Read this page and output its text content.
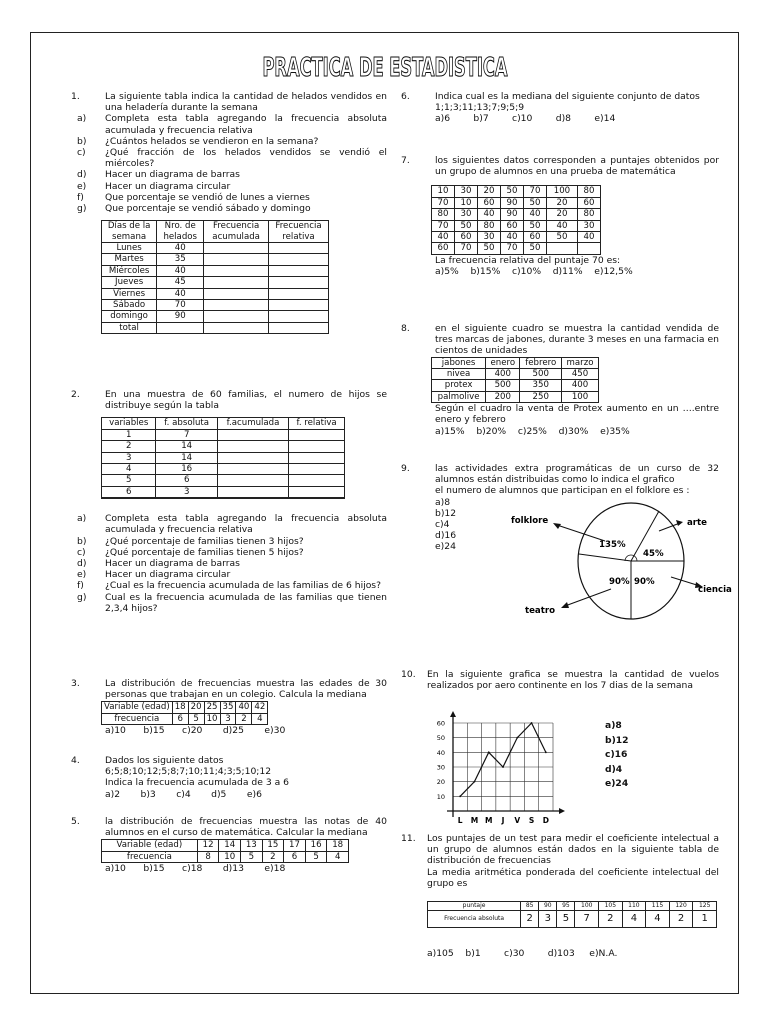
PRACTICA DE ESTADISTICA
1.	La siguiente tabla indica la cantidad de helados vendidos en una heladería durante la semana
a)	Completa esta tabla agregando la frecuencia absoluta acumulada y frecuencia relativa
b)	¿Cuántos helados se vendieron en la semana?
c)	¿Qué fracción de los helados vendidos se vendió el miércoles?
d)	Hacer un diagrama de barras
e)	Hacer un diagrama circular
f)	Que porcentaje se vendió de lunes a viernes
g)	Que porcentaje se vendió sábado y domingo
Días de la semana	Nro. de helados	Frecuencia acumulada	Frecuencia relativa
Lunes	40		
Martes	35		
Miércoles	40		
Jueves	45		
Viernes	40		
Sábado	70		
domingo	90		
total			
2.	En una muestra de 60 familias, el numero de hijos se distribuye según la tabla
variables	f. absoluta	f.acumulada	f. relativa
1	7		
2	14		
3	14		
4	16		
5	6		
6	3		

a)	Completa esta tabla agregando la frecuencia absoluta acumulada y frecuencia relativa
b)	¿Qué porcentaje de familias tienen 3 hijos?
c)	¿Qué porcentaje de familias tienen 5 hijos?
d)	Hacer un diagrama de barras
e)	Hacer un diagrama circular
f)	¿Cual es la frecuencia acumulada de las familias de 6 hijos?
g)	Cual es la frecuencia acumulada de las familias que tienen 2,3,4 hijos?
3.	La distribución de frecuencias muestra las edades de 30 personas que trabajan en un colegio. Calcula la mediana
Variable (edad)	18	20	25	35	40	42
frecuencia	6	5	10	3	2	4
a)10      b)15      c)20       d)25       e)30
4.	Dados los siguiente datos
6;5;8;10;12;5;8;7;10;11;4;3;5;10;12
Indica la frecuencia acumulada de 3 a 6
a)2       b)3       c)4       d)5       e)6
5.	la distribución de frecuencias muestra las notas de 40 alumnos en el curso de matemática. Calcular la mediana
Variable (edad)	12	14	13	15	17	16	18
frecuencia	8	10	5	2	6	5	4
a)10      b)15      c)18       d)13       e)18
6.	Indica cual es la mediana del siguiente conjunto de datos
1;1;3;11;13;7;9;5;9
a)6        b)7        c)10        d)8        e)14
7.	los siguientes datos corresponden a puntajes obtenidos por un grupo de alumnos en una prueba de matemática
10	30	20	50	70	100	80
70	10	60	90	50	20	60
80	30	40	90	40	20	80
70	50	80	60	50	40	30
40	60	30	40	60	50	40
60	70	50	70	50		
La frecuencia relativa del puntaje 70 es:
a)5%    b)15%    c)10%    d)11%    e)12,5%
8.	en el siguiente cuadro se muestra la cantidad vendida de tres marcas de jabones, durante 3 meses en una farmacia en cientos de unidades
jabones	enero	febrero	marzo
nivea	400	500	450
protex	500	350	400
palmolive	200	250	100
Según el cuadro la venta de Protex aumento en un ….entre enero y febrero
a)15%    b)20%    c)25%    d)30%    e)35%
9.	las actividades extra programáticas de un curso de 32 alumnos están distribuidas como lo indica el grafico
el numero de alumnos que participan en el folklore es :
a)8
b)12
c)4
d)16
e)24
folklore	arte
ciencia
teatro
135%
45%
90% 90%
10.	En la siguiente grafica se muestra la cantidad de vuelos realizados por aero continente en los 7 dias de la semana
10
20
30
40
50
60
L M M J V S D
a)8
b)12
c)16
d)4
e)24
11.	Los puntajes de un test para medir el coeficiente intelectual a un grupo de alumnos están dados en la siguiente tabla de distribución de frecuencias
La media aritmética ponderada del coeficiente intelectual del grupo es
puntaje	85	90	95	100	105	110	115	120	125
Frecuencia absoluta	2	3	5	7	2	4	4	2	1
a)105    b)1        c)30        d)103     e)N.A.
